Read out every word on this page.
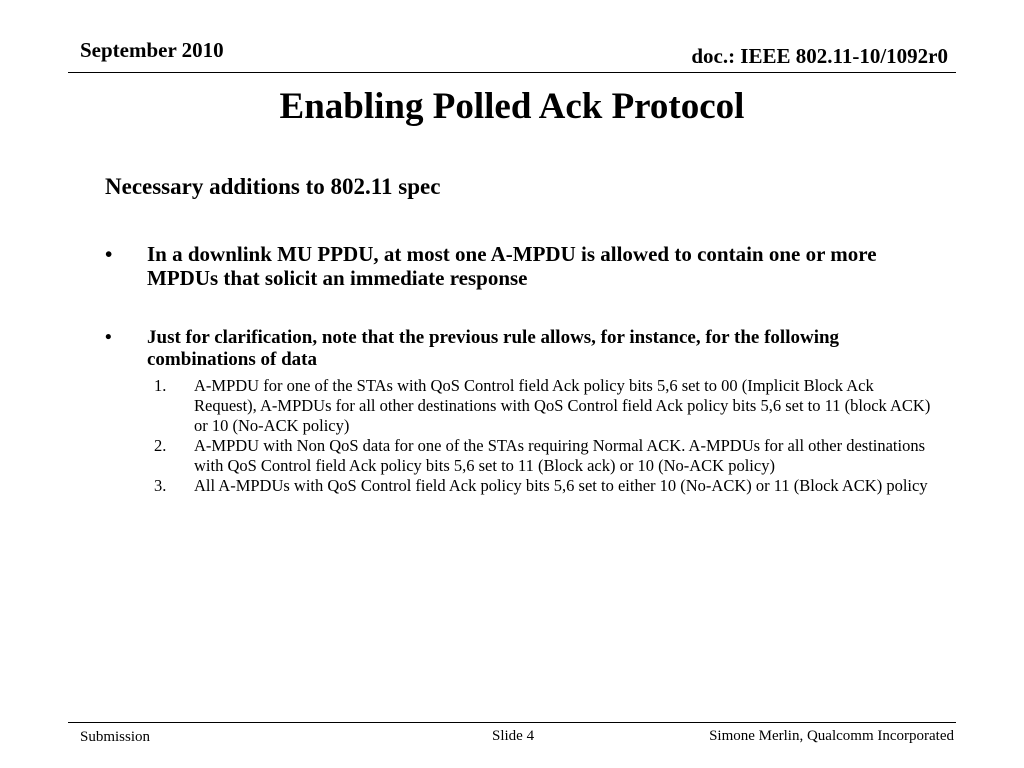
September 2010	doc.: IEEE 802.11-10/1092r0
Enabling Polled Ack Protocol
Necessary additions to 802.11 spec
• In a downlink MU PPDU, at most one A-MPDU is allowed to contain one or more MPDUs that solicit an immediate response
• Just for clarification, note that the previous rule allows, for instance, for the following combinations of data
1. A-MPDU for one of the STAs with QoS Control field Ack policy bits 5,6 set to 00 (Implicit Block Ack Request), A-MPDUs for all other destinations with QoS Control field Ack policy bits 5,6 set to 11 (block ACK) or 10 (No-ACK policy)
2. A-MPDU with Non QoS data for one of the STAs requiring Normal ACK. A-MPDUs for all other destinations with QoS Control field Ack policy bits 5,6 set to 11 (Block ack) or 10 (No-ACK policy)
3. All A-MPDUs with QoS Control field Ack policy bits 5,6 set to either 10 (No-ACK) or 11 (Block ACK) policy
Submission	Slide 4	Simone Merlin, Qualcomm Incorporated
